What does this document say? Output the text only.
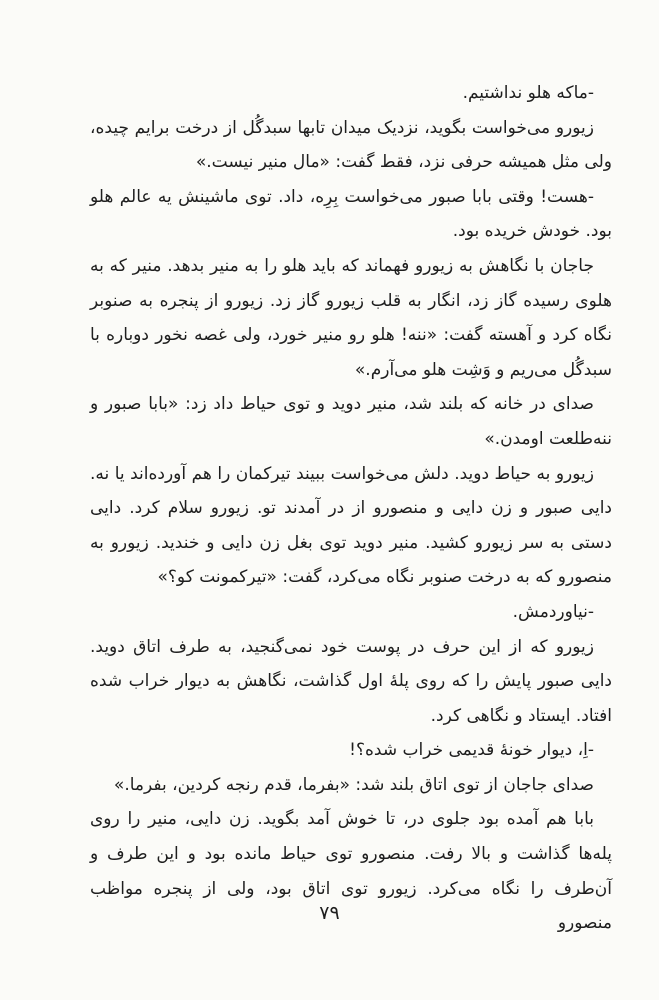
-ماکه هلو نداشتیم.

زیورو می‌خواست بگوید، نزدیک میدان تابها سبدگُل از درخت برایم چیده، ولی مثل همیشه حرفی نزد، فقط گفت: «مال منیر نیست.»

-هست! وقتی بابا صبور می‌خواست بِرِه، داد. توی ماشینش یه عالم هلو بود. خودش خریده بود.

جاجان با نگاهش به زیورو فهماند که باید هلو را به منیر بدهد. منیر که به هلوی رسیده گاز زد، انگار به قلب زیورو گاز زد. زیورو از پنجره به صنوبر نگاه کرد و آهسته گفت: «ننه! هلو رو منیر خورد، ولی غصه نخور دوباره با سبدگُل می‌ریم و وَشِت هلو می‌آرم.»

صدای در خانه که بلند شد، منیر دوید و توی حیاط داد زد: «بابا صبور و ننه‌طلعت اومدن.»

زیورو به حیاط دوید. دلش می‌خواست ببیند تیرکمان را هم آورده‌اند یا نه. دایی صبور و زن دایی و منصورو از در آمدند تو. زیورو سلام کرد. دایی دستی به سر زیورو کشید. منیر دوید توی بغل زن دایی و خندید. زیورو به منصورو که به درخت صنوبر نگاه می‌کرد، گفت: «تیرکمونت کو؟»

-نیاوردمش.

زیورو که از این حرف در پوست خود نمی‌گنجید، به طرف اتاق دوید. دایی صبور پایش را که روی پلهٔ اول گذاشت، نگاهش به دیوار خراب شده افتاد. ایستاد و نگاهی کرد.

-اِ، دیوار خونهٔ قدیمی خراب شده؟!

صدای جاجان از توی اتاق بلند شد: «بفرما، قدم رنجه کردین، بفرما.»

بابا هم آمده بود جلوی در، تا خوش آمد بگوید. زن دایی، منیر را روی پله‌ها گذاشت و بالا رفت. منصورو توی حیاط مانده بود و این طرف و آن‌طرف را نگاه می‌کرد. زیورو توی اتاق بود، ولی از پنجره مواظب منصورو

۷۹
